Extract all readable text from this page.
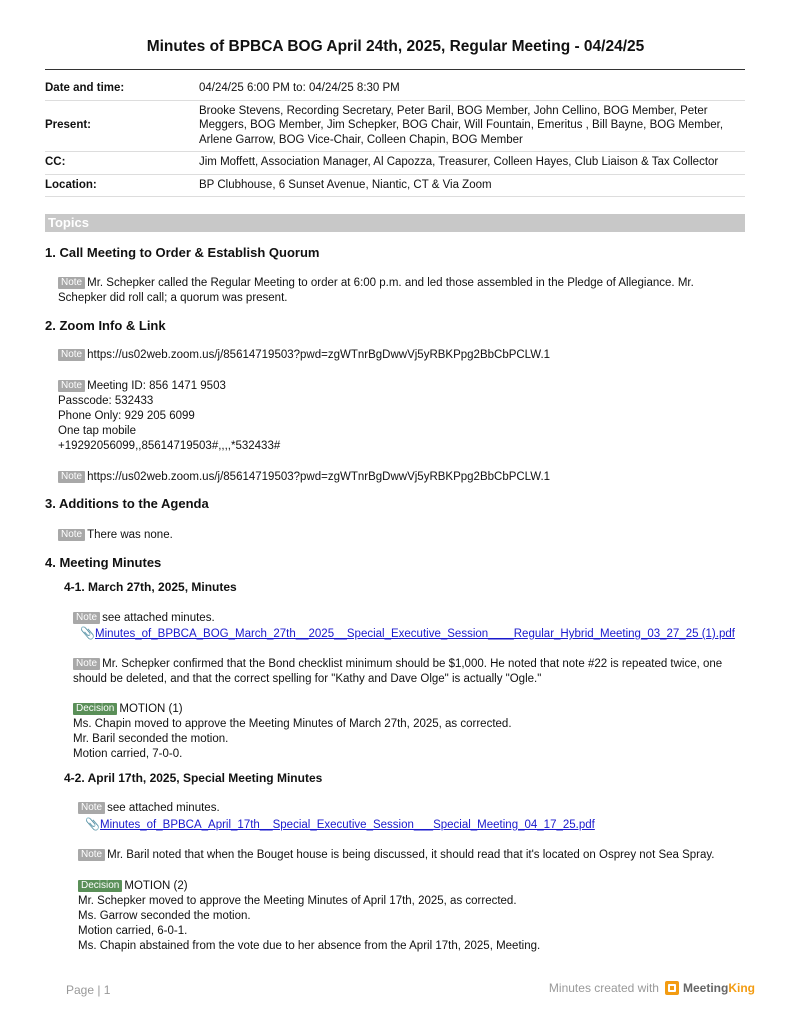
Minutes of BPBCA BOG April 24th, 2025, Regular Meeting - 04/24/25
Date and time:	04/24/25 6:00 PM to: 04/24/25 8:30 PM
Present:	Brooke Stevens, Recording Secretary, Peter Baril, BOG Member, John Cellino, BOG Member, Peter Meggers, BOG Member, Jim Schepker, BOG Chair, Will Fountain, Emeritus , Bill Bayne, BOG Member, Arlene Garrow, BOG Vice-Chair, Colleen Chapin, BOG Member
CC:	Jim Moffett, Association Manager, Al Capozza, Treasurer, Colleen Hayes, Club Liaison & Tax Collector
Location:	BP Clubhouse, 6 Sunset Avenue, Niantic, CT & Via Zoom
Topics
1. Call Meeting to Order & Establish Quorum
Note Mr. Schepker called the Regular Meeting to order at 6:00 p.m. and led those assembled in the Pledge of Allegiance. Mr. Schepker did roll call; a quorum was present.
2. Zoom Info & Link
Note https://us02web.zoom.us/j/85614719503?pwd=zgWTnrBgDwwVj5yRBKPpg2BbCbPCLW.1
Note Meeting ID: 856 1471 9503
Passcode: 532433
Phone Only: 929 205 6099
One tap mobile
+19292056099,,85614719503#,,,,*532433#
Note https://us02web.zoom.us/j/85614719503?pwd=zgWTnrBgDwwVj5yRBKPpg2BbCbPCLW.1
3. Additions to the Agenda
Note There was none.
4. Meeting Minutes
4-1. March 27th, 2025, Minutes
Note see attached minutes.
📎Minutes_of_BPBCA_BOG_March_27th__2025__Special_Executive_Session____Regular_Hybrid_Meeting_03_27_25 (1).pdf
Note Mr. Schepker confirmed that the Bond checklist minimum should be $1,000. He noted that note #22 is repeated twice, one should be deleted, and that the correct spelling for "Kathy and Dave Olge" is actually "Ogle."
Decision MOTION (1)
Ms. Chapin moved to approve the Meeting Minutes of March 27th, 2025, as corrected.
Mr. Baril seconded the motion.
Motion carried, 7-0-0.
4-2. April 17th, 2025, Special Meeting Minutes
Note see attached minutes.
📎Minutes_of_BPBCA_April_17th__Special_Executive_Session___Special_Meeting_04_17_25.pdf
Note Mr. Baril noted that when the Bouget house is being discussed, it should read that it's located on Osprey not Sea Spray.
Decision MOTION (2)
Mr. Schepker moved to approve the Meeting Minutes of April 17th, 2025, as corrected.
Ms. Garrow seconded the motion.
Motion carried, 6-0-1.
Ms. Chapin abstained from the vote due to her absence from the April 17th, 2025, Meeting.
Page | 1	Minutes created with Meeting King
